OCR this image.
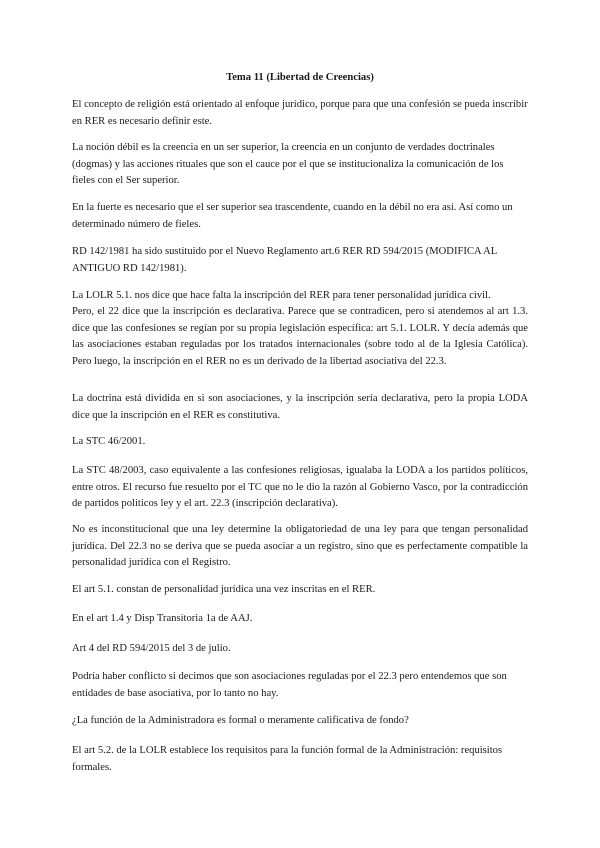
Tema 11 (Libertad de Creencias)

El concepto de religión está orientado al enfoque jurídico, porque para que una confesión se pueda inscribir en RER es necesario definir este.

La noción débil es la creencia en un ser superior, la creencia en un conjunto de verdades doctrinales (dogmas) y las acciones rituales que son el cauce por el que se institucionaliza la comunicación de los fieles con el Ser superior.

En la fuerte es necesario que el ser superior sea trascendente, cuando en la débil no era así. Así como un determinado número de fieles.

RD 142/1981 ha sido sustituido por el Nuevo Reglamento art.6 RER RD 594/2015 (MODIFICA AL ANTIGUO RD 142/1981).

La LOLR 5.1. nos dice que hace falta la inscripción del RER para tener personalidad jurídica civil.

Pero, el 22 dice que la inscripción es declarativa. Parece que se contradicen, pero si atendemos al art 1.3. dice que las confesiones se regían por su propia legislación específica: art 5.1. LOLR. Y decía además que las asociaciones estaban reguladas por los tratados internacionales (sobre todo al de la Iglesia Católica). Pero luego, la inscripción en el RER no es un derivado de la libertad asociativa del 22.3.

La doctrina está dividida en si son asociaciones, y la inscripción sería declarativa, pero la propia LODA dice que la inscripción en el RER es constitutiva.

La STC 46/2001.

La STC 48/2003, caso equivalente a las confesiones religiosas, igualaba la LODA a los partidos políticos, entre otros. El recurso fue resuelto por el TC que no le dio la razón al Gobierno Vasco, por la contradicción de partidos políticos ley y el art. 22.3 (inscripción declarativa).

No es inconstitucional que una ley determine la obligatoriedad de una ley para que tengan personalidad jurídica. Del 22.3 no se deriva que se pueda asociar a un registro, sino que es perfectamente compatible la personalidad jurídica con el Registro.

El art 5.1. constan de personalidad jurídica una vez inscritas en el RER.

En el art 1.4 y Disp Transitoria 1a de AAJ.

Art 4 del RD 594/2015 del 3 de julio.

Podría haber conflicto si decimos que son asociaciones reguladas por el 22.3 pero entendemos que son entidades de base asociativa, por lo tanto no hay.

¿La función de la Administradora es formal o meramente calificativa de fondo?

El art 5.2. de la LOLR establece los requisitos para la función formal de la Administración: requisitos formales.
